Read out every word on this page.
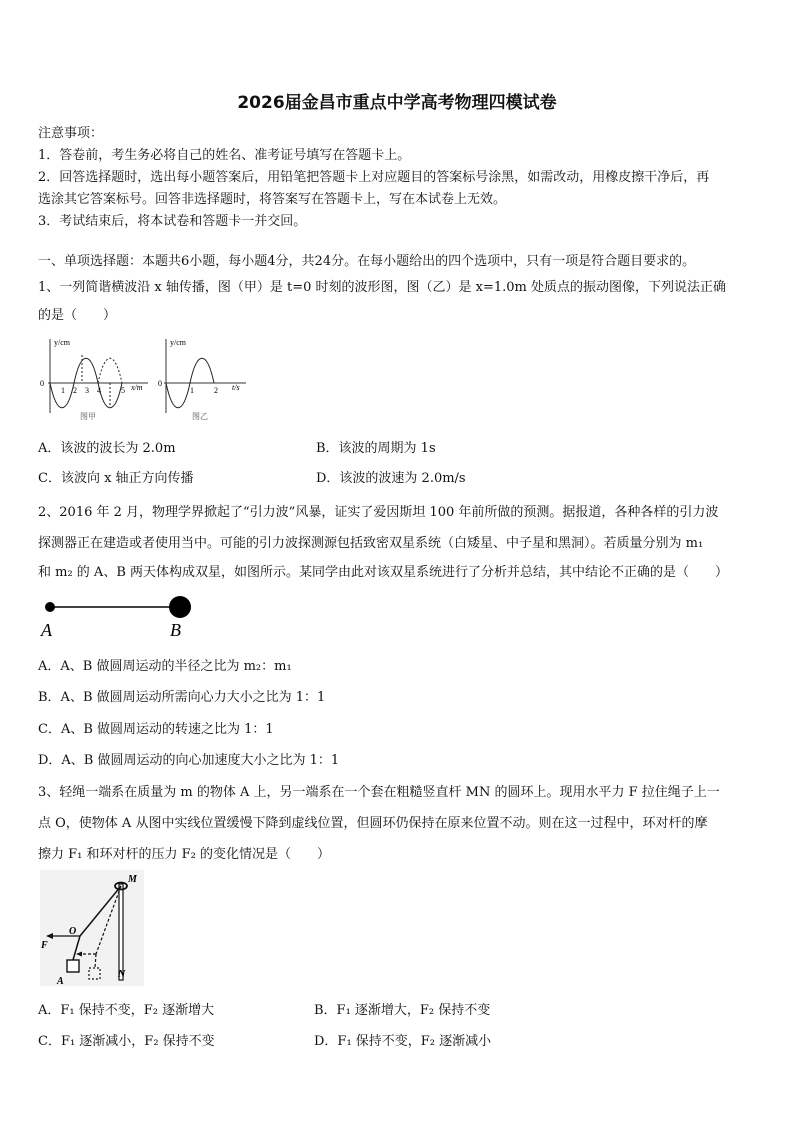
2026届金昌市重点中学高考物理四模试卷
注意事项：
1．答卷前，考生务必将自己的姓名、准考证号填写在答题卡上。
2．回答选择题时，选出每小题答案后，用铅笔把答题卡上对应题目的答案标号涂黑，如需改动，用橡皮擦干净后，再
选涂其它答案标号。回答非选择题时，将答案写在答题卡上，写在本试卷上无效。
3．考试结束后，将本试卷和答题卡一并交回。
一、单项选择题：本题共6小题，每小题4分，共24分。在每小题给出的四个选项中，只有一项是符合题目要求的。
1、一列简谐横波沿 x 轴传播，图（甲）是 t=0 时刻的波形图，图（乙）是 x=1.0m 处质点的振动图像，下列说法正确
的是（　　）
y/cm
0
1 2 3 4	5 x/m
图甲
y/cm
0
1	2 t/s
图乙
A．该波的波长为 2.0m	B．该波的周期为 1s
C．该波向 x 轴正方向传播	D．该波的波速为 2.0m/s
2、2016 年 2 月，物理学界掀起了“引力波”风暴，证实了爱因斯坦 100 年前所做的预测。据报道，各种各样的引力波
探测器正在建造或者使用当中。可能的引力波探测源包括致密双星系统（白矮星、中子星和黑洞）。若质量分别为 m₁
和 m₂ 的 A、B 两天体构成双星，如图所示。某同学由此对该双星系统进行了分析并总结，其中结论不正确的是（　　）
A	B
A．A、B 做圆周运动的半径之比为 m₂：m₁
B．A、B 做圆周运动所需向心力大小之比为 1：1
C．A、B 做圆周运动的转速之比为 1：1
D．A、B 做圆周运动的向心加速度大小之比为 1：1
3、轻绳一端系在质量为 m 的物体 A 上，另一端系在一个套在粗糙竖直杆 MN 的圆环上。现用水平力 F 拉住绳子上一
点 O，使物体 A 从图中实线位置缓慢下降到虚线位置，但圆环仍保持在原来位置不动。则在这一过程中，环对杆的摩
擦力 F₁ 和环对杆的压力 F₂ 的变化情况是（　　）
M
N
O
F
A
A．F₁ 保持不变，F₂ 逐渐增大	B．F₁ 逐渐增大，F₂ 保持不变
C．F₁ 逐渐减小，F₂ 保持不变	D．F₁ 保持不变，F₂ 逐渐减小
